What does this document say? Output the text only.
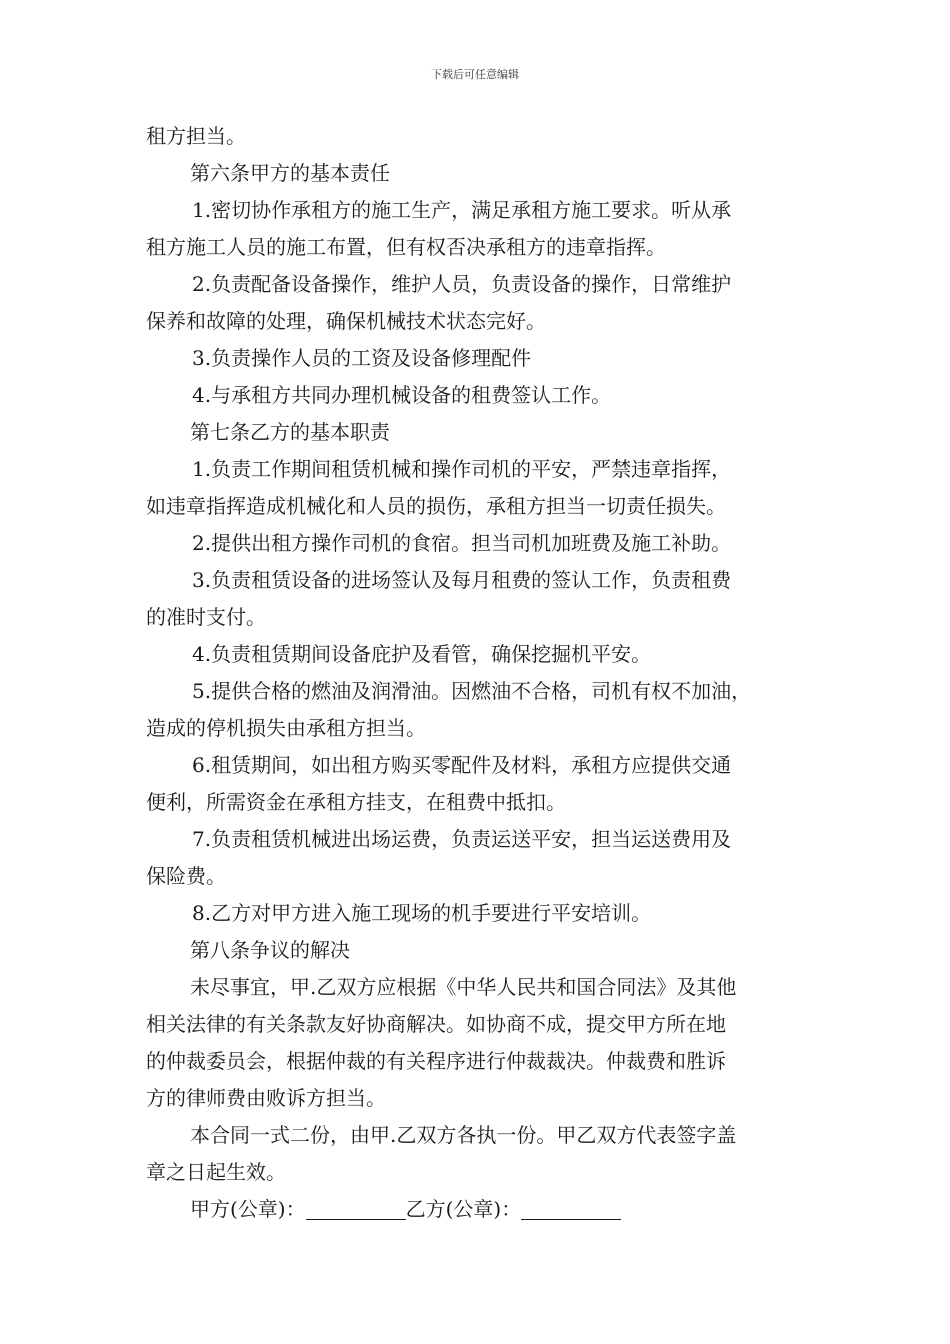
下载后可任意编辑
租方担当。
第六条甲方的基本责任
1.密切协作承租方的施工生产，满足承租方施工要求。听从承
租方施工人员的施工布置，但有权否决承租方的违章指挥。
2.负责配备设备操作，维护人员，负责设备的操作，日常维护
保养和故障的处理，确保机械技术状态完好。
3.负责操作人员的工资及设备修理配件
4.与承租方共同办理机械设备的租费签认工作。
第七条乙方的基本职责
1.负责工作期间租赁机械和操作司机的平安，严禁违章指挥，
如违章指挥造成机械化和人员的损伤，承租方担当一切责任损失。
2.提供出租方操作司机的食宿。担当司机加班费及施工补助。
3.负责租赁设备的进场签认及每月租费的签认工作，负责租费
的准时支付。
4.负责租赁期间设备庇护及看管，确保挖掘机平安。
5.提供合格的燃油及润滑油。因燃油不合格，司机有权不加油，
造成的停机损失由承租方担当。
6.租赁期间，如出租方购买零配件及材料，承租方应提供交通
便利，所需资金在承租方挂支，在租费中抵扣。
7.负责租赁机械进出场运费，负责运送平安，担当运送费用及
保险费。
8.乙方对甲方进入施工现场的机手要进行平安培训。
第八条争议的解决
未尽事宜，甲.乙双方应根据《中华人民共和国合同法》及其他
相关法律的有关条款友好协商解决。如协商不成，提交甲方所在地
的仲裁委员会，根据仲裁的有关程序进行仲裁裁决。仲裁费和胜诉
方的律师费由败诉方担当。
本合同一式二份，由甲.乙双方各执一份。甲乙双方代表签字盖
章之日起生效。
甲方(公章)：	乙方(公章)：
